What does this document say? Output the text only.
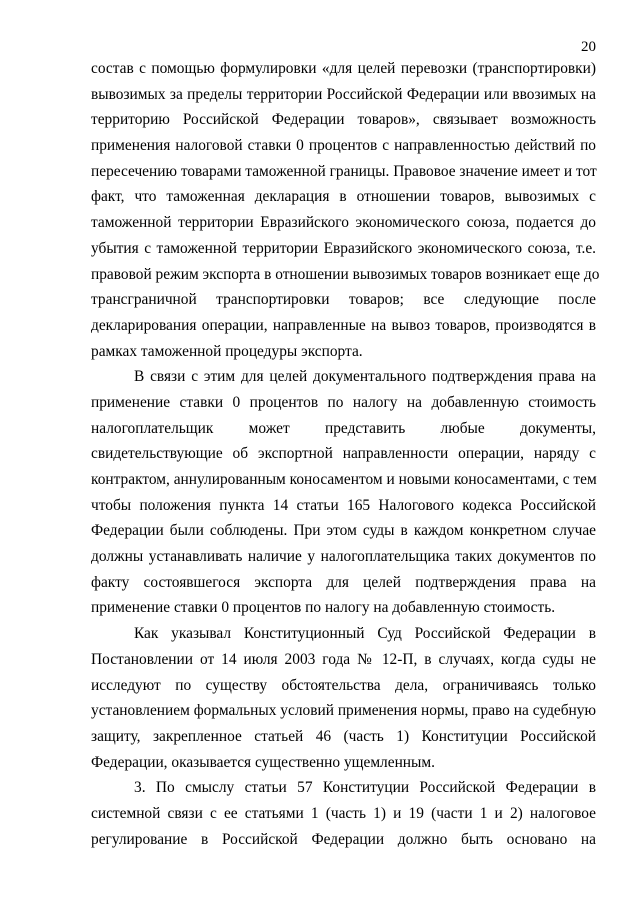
20
состав с помощью формулировки «для целей перевозки (транспортировки)
вывозимых за пределы территории Российской Федерации или ввозимых на
территорию Российской Федерации товаров», связывает возможность
применения налоговой ставки 0 процентов с направленностью действий по
пересечению товарами таможенной границы. Правовое значение имеет и тот
факт, что таможенная декларация в отношении товаров, вывозимых с
таможенной территории Евразийского экономического союза, подается до
убытия с таможенной территории Евразийского экономического союза, т.е.
правовой режим экспорта в отношении вывозимых товаров возникает еще до
трансграничной транспортировки товаров; все следующие после
декларирования операции, направленные на вывоз товаров, производятся в
рамках таможенной процедуры экспорта.
В связи с этим для целей документального подтверждения права на
применение ставки 0 процентов по налогу на добавленную стоимость
налогоплательщик может представить любые документы,
свидетельствующие об экспортной направленности операции, наряду с
контрактом, аннулированным коносаментом и новыми коносаментами, с тем
чтобы положения пункта 14 статьи 165 Налогового кодекса Российской
Федерации были соблюдены. При этом суды в каждом конкретном случае
должны устанавливать наличие у налогоплательщика таких документов по
факту состоявшегося экспорта для целей подтверждения права на
применение ставки 0 процентов по налогу на добавленную стоимость.
Как указывал Конституционный Суд Российской Федерации в
Постановлении от 14 июля 2003 года № 12-П, в случаях, когда суды не
исследуют по существу обстоятельства дела, ограничиваясь только
установлением формальных условий применения нормы, право на судебную
защиту, закрепленное статьей 46 (часть 1) Конституции Российской
Федерации, оказывается существенно ущемленным.
3. По смыслу статьи 57 Конституции Российской Федерации в
системной связи с ее статьями 1 (часть 1) и 19 (части 1 и 2) налоговое
регулирование в Российской Федерации должно быть основано на
